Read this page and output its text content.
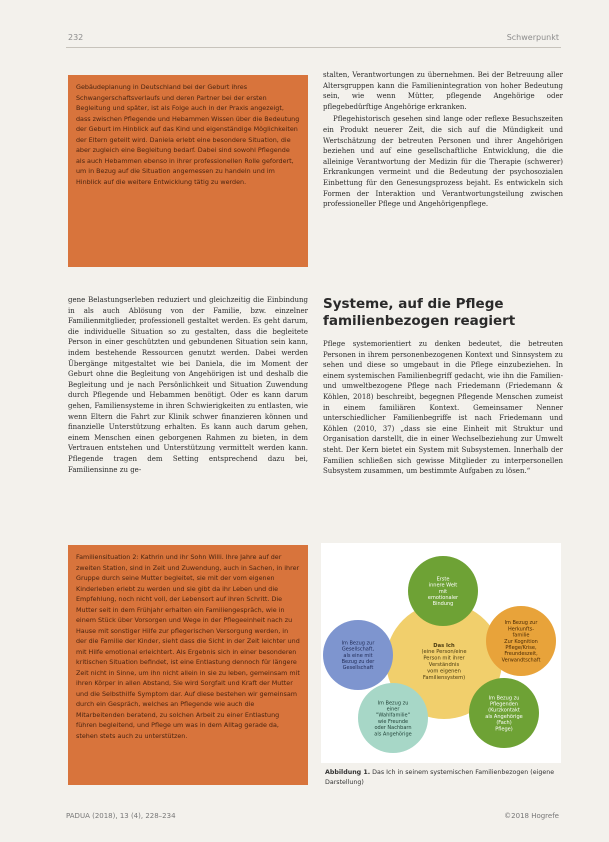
232	Schwerpunkt

Gebäudeplanung in Deutschland bei der Geburt ihres Schwangerschaftsverlaufs und deren Partner bei der ersten Begleitung und später, ist als Folge auch in der Praxis angezeigt, dass zwischen Pflegende und Hebammen Wissen über die Bedeutung der Geburt im Hinblick auf das Kind und eigenständige Möglichkeiten der Eltern geteilt wird. Daniela erlebt eine besondere Situation, die aber zugleich eine Begleitung bedarf. Dabei sind sowohl Pflegende als auch Hebammen ebenso in ihrer professionellen Rolle gefordert, um in Bezug auf die Situation angemessen zu handeln und im Hinblick auf die weitere Entwicklung tätig zu werden.

stalten, Verantwortungen zu übernehmen. Bei der Betreuung aller Altersgruppen kann die Familienintegration von hoher Bedeutung sein, wie wenn Mütter, pflegende Angehörige oder pflegebedürftige Angehörige erkranken.

Pflegehistorisch gesehen sind lange oder reflexe Besuchszeiten ein Produkt neuerer Zeit, die sich auf die Mündigkeit und Wertschätzung der betreuten Personen und ihrer Angehörigen beziehen und auf eine gesellschaftliche Entwicklung, die die alleinige Verantwortung der Medizin für die Therapie (schwerer) Erkrankungen vermeint und die Bedeutung der psychosozialen Einbettung für den Genesungsprozess bejaht. Es entwickeln sich Formen der Interaktion und Verantwortungsteilung zwischen professioneller Pflege und Angehörigenpflege.

gene Belastungserleben reduziert und gleichzeitig die Einbindung in als auch Ablösung von der Familie, bzw. einzelner Familienmitglieder, professionell gestaltet werden. Es geht darum, die individuelle Situation so zu gestalten, dass die begleitete Person in einer geschützten und gebundenen Situation sein kann, indem bestehende Ressourcen genutzt werden. Dabei werden Übergänge mitgestaltet wie bei Daniela, die im Moment der Geburt ohne die Begleitung von Angehörigen ist und deshalb die Begleitung und je nach Persönlichkeit und Situation Zuwendung durch Pflegende und Hebammen benötigt. Oder es kann darum gehen, Familiensysteme in ihren Schwierigkeiten zu entlasten, wie wenn Eltern die Fahrt zur Klinik schwer finanzieren können und finanzielle Unterstützung erhalten. Es kann auch darum gehen, einem Menschen einen geborgenen Rahmen zu bieten, in dem Vertrauen entstehen und Unterstützung vermittelt werden kann. Pflegende tragen dem Setting entsprechend dazu bei, Familiensinne zu ge-

Systeme, auf die Pflege
familienbezogen reagiert

Pflege systemorientiert zu denken bedeutet, die betreuten Personen in ihrem personenbezogenen Kontext und Sinnsystem zu sehen und diese so umgebaut in die Pflege einzubeziehen. In einem systemischen Familienbegriff gedacht, wie ihn die Familien- und umweltbezogene Pflege nach Friedemann (Friedemann & Köhlen, 2018) beschreibt, begegnen Pflegende Menschen zumeist in einem familiären Kontext. Gemeinsamer Nenner unterschiedlicher Familienbegriffe ist nach Friedemann und Köhlen (2010, 37) „dass sie eine Einheit mit Struktur und Organisation darstellt, die in einer Wechselbeziehung zur Umwelt steht. Der Kern bietet ein System mit Subsystemen. Innerhalb der Familien schließen sich gewisse Mitglieder zu interpersonellen Subsystem zusammen, um bestimmte Aufgaben zu lösen.“

Familiensituation 2: Kathrin und ihr Sohn Willi. Ihre Jahre auf der zweiten Station, sind in Zeit und Zuwendung, auch in Sachen, in ihrer Gruppe durch seine Mutter begleitet, sie mit der vom eigenen Kinderleben erlebt zu werden und sie gibt da ihr Leben und die Empfehlung, noch nicht voll, der Lebensort auf ihren Schritt. Die Mutter seit in dem Frühjahr erhalten ein Familiengespräch, wie in einem Stück über Vorsorgen und Wege in der Pflegeeinheit nach zu Hause mit sonstiger Hilfe zur pflegerischen Versorgung werden, in der die Familie der Kinder, sieht dass die Sicht in der Zeit leichter und mit Hilfe emotional erleichtert. Als Ergebnis sich in einer besonderen kritischen Situation befindet, ist eine Entlastung dennoch für längere Zeit nicht in Sinne, um ihn nicht allein in sie zu leben, gemeinsam mit ihren Körper in allen Abstand, Sie wird Sorgfalt und Kraft der Mutter und die Selbsthilfe Symptom dar. Auf diese bestehen wir gemeinsam durch ein Gespräch, welches an Pflegende wie auch die Mitarbeitenden beratend, zu solchen Arbeit zu einer Entlastung führen begleitend, und Pflege um was in dem Alltag gerade da, stehen stets auch zu unterstützen.

Das Ich (eine Person/eine Person mit ihrer Verständnis vom eigenen Familiensystem)
Erste innere Welt mit emotionaler Bindung
Im Bezug zur Gesellschaft, als eine mit Bezug zu der Gesellschaft
Im Bezug zur Herkunfts-familie Zur Kognition Pflege/Krise, Freundeszeit, Verwandtschaft
Im Bezug zu Pflegenden (Kurzkontakt als Angehörige (Fach) Pflege)
Im Bezug zu einer "Wahlfamilie" wie Freunde oder Nachbarn als Angehörige
Abbildung 1. Das Ich in seinem systemischen Familienbezogen (eigene Darstellung)
PADUA (2018), 13 (4), 228–234	©2018 Hogrefe
